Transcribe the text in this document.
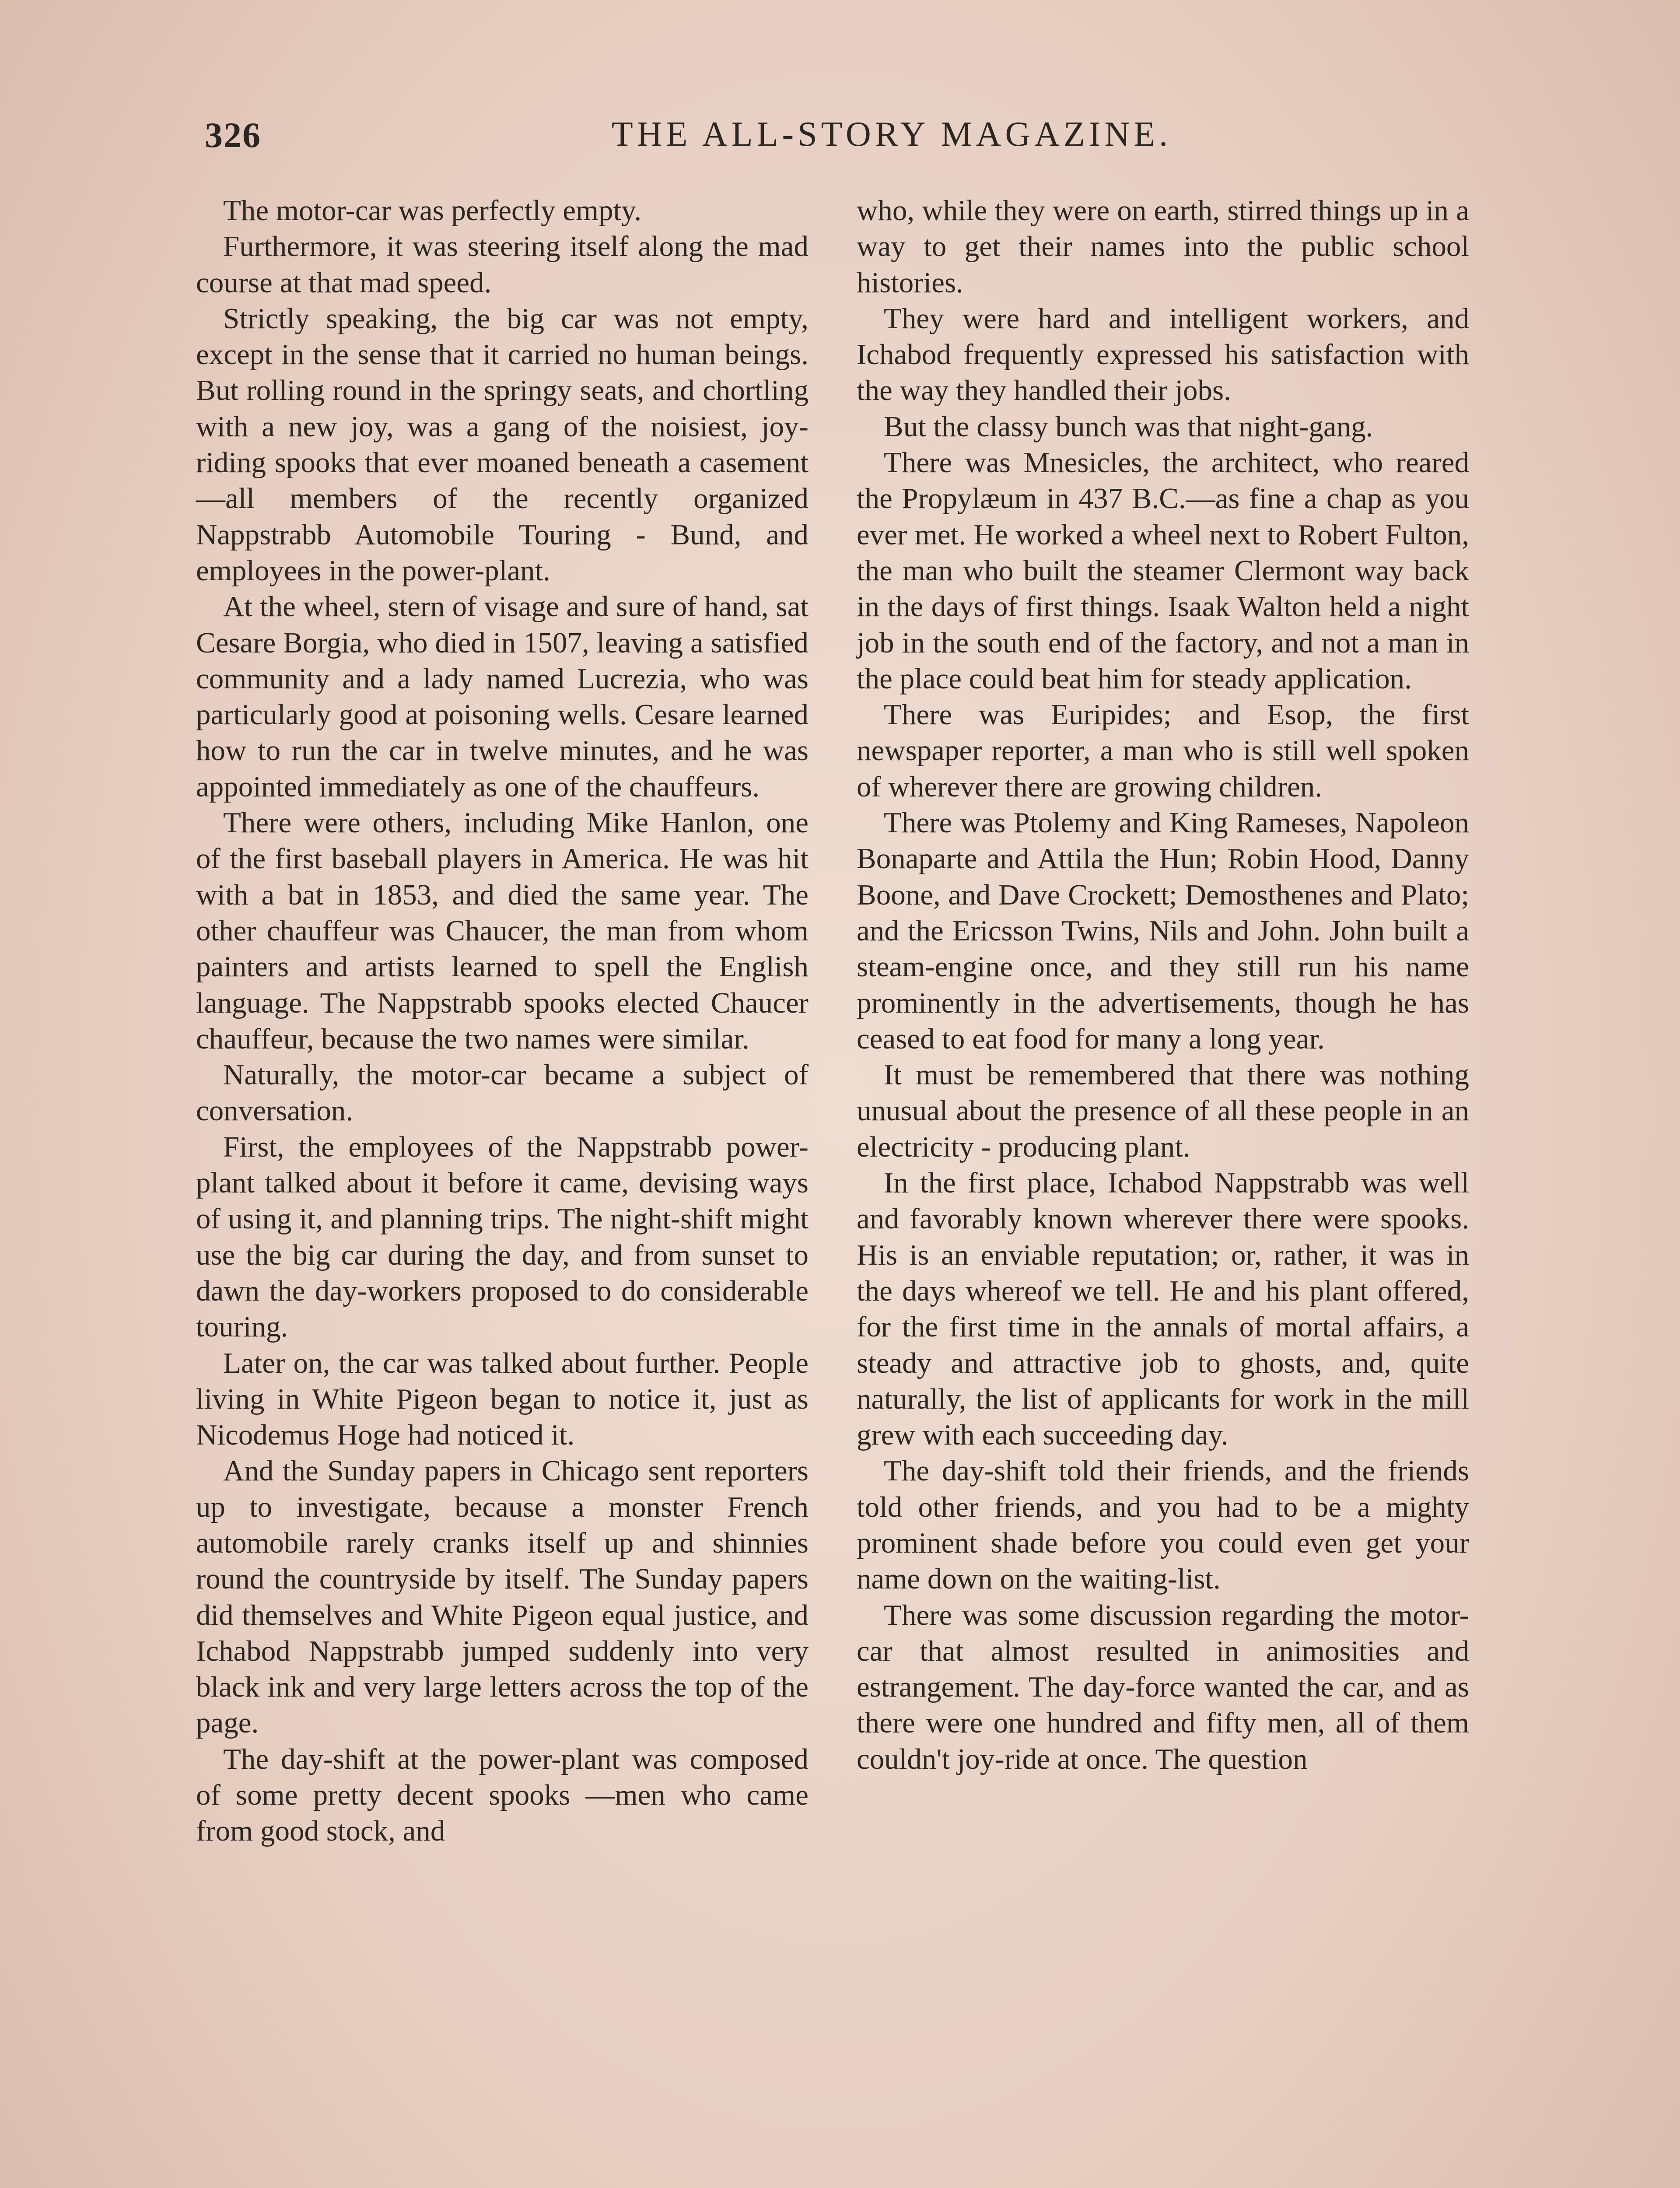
326	THE ALL-STORY MAGAZINE.

The motor-car was perfectly empty.

Furthermore, it was steering itself along the mad course at that mad speed.

Strictly speaking, the big car was not empty, except in the sense that it carried no human beings. But rolling round in the springy seats, and chortling with a new joy, was a gang of the noisiest, joy-riding spooks that ever moaned beneath a casement—all members of the recently organized Nappstrabb Automobile Touring - Bund, and employees in the power-plant.

At the wheel, stern of visage and sure of hand, sat Cesare Borgia, who died in 1507, leaving a satisfied community and a lady named Lucrezia, who was particularly good at poisoning wells. Cesare learned how to run the car in twelve minutes, and he was appointed immediately as one of the chauffeurs.

There were others, including Mike Hanlon, one of the first baseball players in America. He was hit with a bat in 1853, and died the same year. The other chauffeur was Chaucer, the man from whom painters and artists learned to spell the English language. The Nappstrabb spooks elected Chaucer chauffeur, because the two names were similar.

Naturally, the motor-car became a subject of conversation.

First, the employees of the Nappstrabb power-plant talked about it before it came, devising ways of using it, and planning trips. The night-shift might use the big car during the day, and from sunset to dawn the day-workers proposed to do considerable touring.

Later on, the car was talked about further. People living in White Pigeon began to notice it, just as Nicodemus Hoge had noticed it.

And the Sunday papers in Chicago sent reporters up to investigate, because a monster French automobile rarely cranks itself up and shinnies round the countryside by itself. The Sunday papers did themselves and White Pigeon equal justice, and Ichabod Nappstrabb jumped suddenly into very black ink and very large letters across the top of the page.

The day-shift at the power-plant was composed of some pretty decent spooks —men who came from good stock, and

who, while they were on earth, stirred things up in a way to get their names into the public school histories.

They were hard and intelligent workers, and Ichabod frequently expressed his satisfaction with the way they handled their jobs.

But the classy bunch was that night-gang.

There was Mnesicles, the architect, who reared the Propylæum in 437 B.C.—as fine a chap as you ever met. He worked a wheel next to Robert Fulton, the man who built the steamer Clermont way back in the days of first things. Isaak Walton held a night job in the south end of the factory, and not a man in the place could beat him for steady application.

There was Euripides; and Esop, the first newspaper reporter, a man who is still well spoken of wherever there are growing children.

There was Ptolemy and King Rameses, Napoleon Bonaparte and Attila the Hun; Robin Hood, Danny Boone, and Dave Crockett; Demosthenes and Plato; and the Ericsson Twins, Nils and John. John built a steam-engine once, and they still run his name prominently in the advertisements, though he has ceased to eat food for many a long year.

It must be remembered that there was nothing unusual about the presence of all these people in an electricity - producing plant.

In the first place, Ichabod Nappstrabb was well and favorably known wherever there were spooks. His is an enviable reputation; or, rather, it was in the days whereof we tell. He and his plant offered, for the first time in the annals of mortal affairs, a steady and attractive job to ghosts, and, quite naturally, the list of applicants for work in the mill grew with each succeeding day.

The day-shift told their friends, and the friends told other friends, and you had to be a mighty prominent shade before you could even get your name down on the waiting-list.

There was some discussion regarding the motor-car that almost resulted in animosities and estrangement. The day-force wanted the car, and as there were one hundred and fifty men, all of them couldn't joy-ride at once. The question
